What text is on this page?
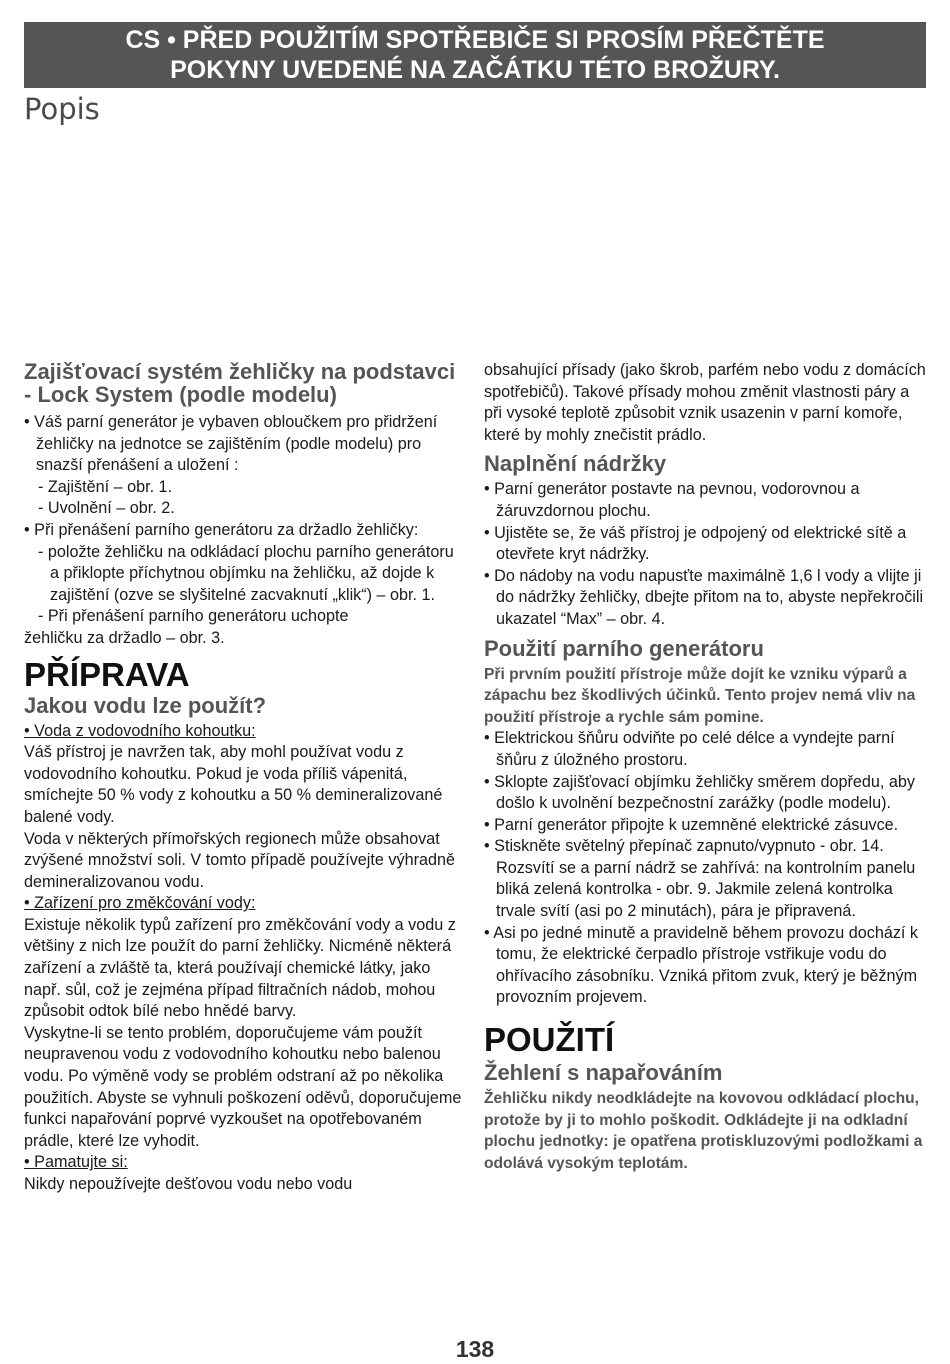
CS • PŘED POUŽITÍM SPOTŘEBIČE SI PROSÍM PŘEČTĚTE
POKYNY UVEDENÉ NA ZAČÁTKU TÉTO BROŽURY.
Popis

Zajišťovací systém žehličky na podstavci - Lock System (podle modelu)

• Váš parní generátor je vybaven obloučkem pro přidržení žehličky na jednotce se zajištěním (podle modelu) pro snazší přenášení a uložení :

- Zajištění – obr. 1.

- Uvolnění – obr. 2.

• Při přenášení parního generátoru za držadlo žehličky:

- položte žehličku na odkládací plochu parního generátoru a přiklopte příchytnou objímku na žehličku, až dojde k zajištění (ozve se slyšitelné zacvaknutí „klik“) – obr. 1.

- Při přenášení parního generátoru uchopte

žehličku za držadlo – obr. 3.

PŘÍPRAVA

Jakou vodu lze použít?

• Voda z vodovodního kohoutku:

Váš přístroj je navržen tak, aby mohl používat vodu z vodovodního kohoutku. Pokud je voda příliš vápenitá, smíchejte 50 % vody z kohoutku a 50 % demineralizované balené vody.

Voda v některých přímořských regionech může obsahovat zvýšené množství soli. V tomto případě používejte výhradně demineralizovanou vodu.

• Zařízení pro změkčování vody:

Existuje několik typů zařízení pro změkčování vody a vodu z většiny z nich lze použít do parní žehličky. Nicméně některá zařízení a zvláště ta, která používají chemické látky, jako např. sůl, což je zejména případ filtračních nádob, mohou způsobit odtok bílé nebo hnědé barvy.

Vyskytne-li se tento problém, doporučujeme vám použít neupravenou vodu z vodovodního kohoutku nebo balenou vodu. Po výměně vody se problém odstraní až po několika použitích. Abyste se vyhnuli poškození oděvů, doporučujeme funkci napařování poprvé vyzkoušet na opotřebovaném prádle, které lze vyhodit.

• Pamatujte si:

Nikdy nepoužívejte dešťovou vodu nebo vodu

obsahující přísady (jako škrob, parfém nebo vodu z domácích spotřebičů). Takové přísady mohou změnit vlastnosti páry a při vysoké teplotě způsobit vznik usazenin v parní komoře, které by mohly znečistit prádlo.

Naplnění nádržky

• Parní generátor postavte na pevnou, vodorovnou a žáruvzdornou plochu.

• Ujistěte se, že váš přístroj je odpojený od elektrické sítě a otevřete kryt nádržky.

• Do nádoby na vodu napusťte maximálně 1,6 l vody a vlijte ji do nádržky žehličky, dbejte přitom na to, abyste nepřekročili ukazatel “Max” – obr. 4.

Použití parního generátoru

Při prvním použití přístroje může dojít ke vzniku výparů a zápachu bez škodlivých účinků. Tento projev nemá vliv na použití přístroje a rychle sám pomine.

• Elektrickou šňůru odviňte po celé délce a vyndejte parní šňůru z úložného prostoru.

• Sklopte zajišťovací objímku žehličky směrem dopředu, aby došlo k uvolnění bezpečnostní zarážky (podle modelu).

• Parní generátor připojte k uzemněné elektrické zásuvce.

• Stiskněte světelný přepínač zapnuto/vypnuto - obr. 14. Rozsvítí se a parní nádrž se zahřívá: na kontrolním panelu bliká zelená kontrolka - obr. 9. Jakmile zelená kontrolka trvale svítí (asi po 2 minutách), pára je připravená.

• Asi po jedné minutě a pravidelně během provozu dochází k tomu, že elektrické čerpadlo přístroje vstřikuje vodu do ohřívacího zásobníku. Vzniká přitom zvuk, který je běžným provozním projevem.

POUŽITÍ

Žehlení s napařováním

Žehličku nikdy neodkládejte na kovovou odkládací plochu, protože by ji to mohlo poškodit. Odkládejte ji na odkladní plochu jednotky: je opatřena protiskluzovými podložkami a odolává vysokým teplotám.

138
